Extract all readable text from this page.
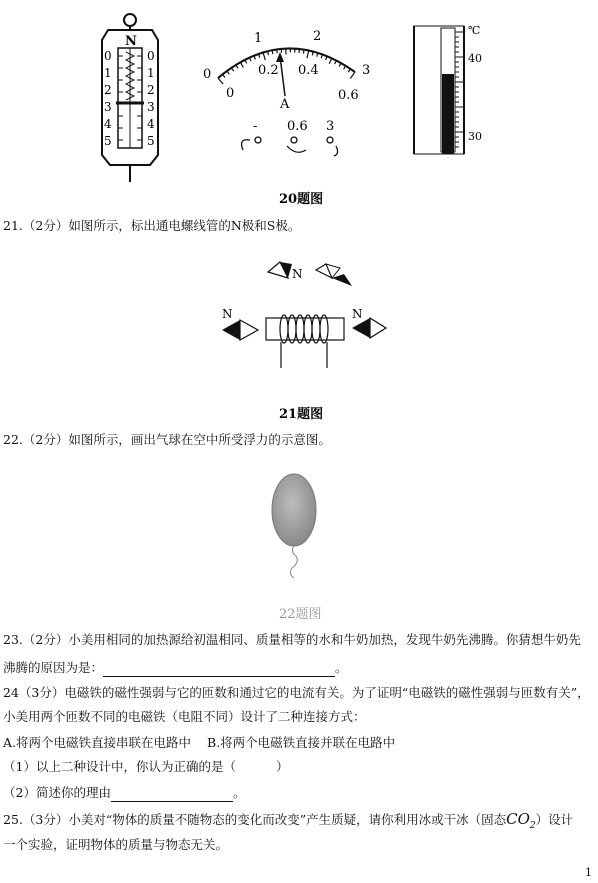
N
0
1
2
3
4
5
0
1
2
3
4
5
0
1	2
3
0
0.2 0.4
0.6
A
- 0.6 3
℃
40
30
20题图
21.（2分）如图所示，标出通电螺线管的N极和S极。
N
N	N
21题图
22.（2分）如图所示，画出气球在空中所受浮力的示意图。
22题图
23.（2分）小美用相同的加热源给初温相同、质量相等的水和牛奶加热，发现牛奶先沸腾。你猜想牛奶先
沸腾的原因为是：	。
24（3分）电磁铁的磁性强弱与它的匝数和通过它的电流有关。为了证明“电磁铁的磁性强弱与匝数有关”，
小美用两个匝数不同的电磁铁（电阻不同）设计了二种连接方式：
A.将两个电磁铁直接串联在电路中 B.将两个电磁铁直接并联在电路中
（1）以上二种设计中，你认为正确的是（	）
（2）简述你的理由	。
25.（3分）小美对“物体的质量不随物态的变化而改变”产生质疑，请你利用冰或干冰（固态$CO_2$）设计
一个实验，证明物体的质量与物态无关。
1
